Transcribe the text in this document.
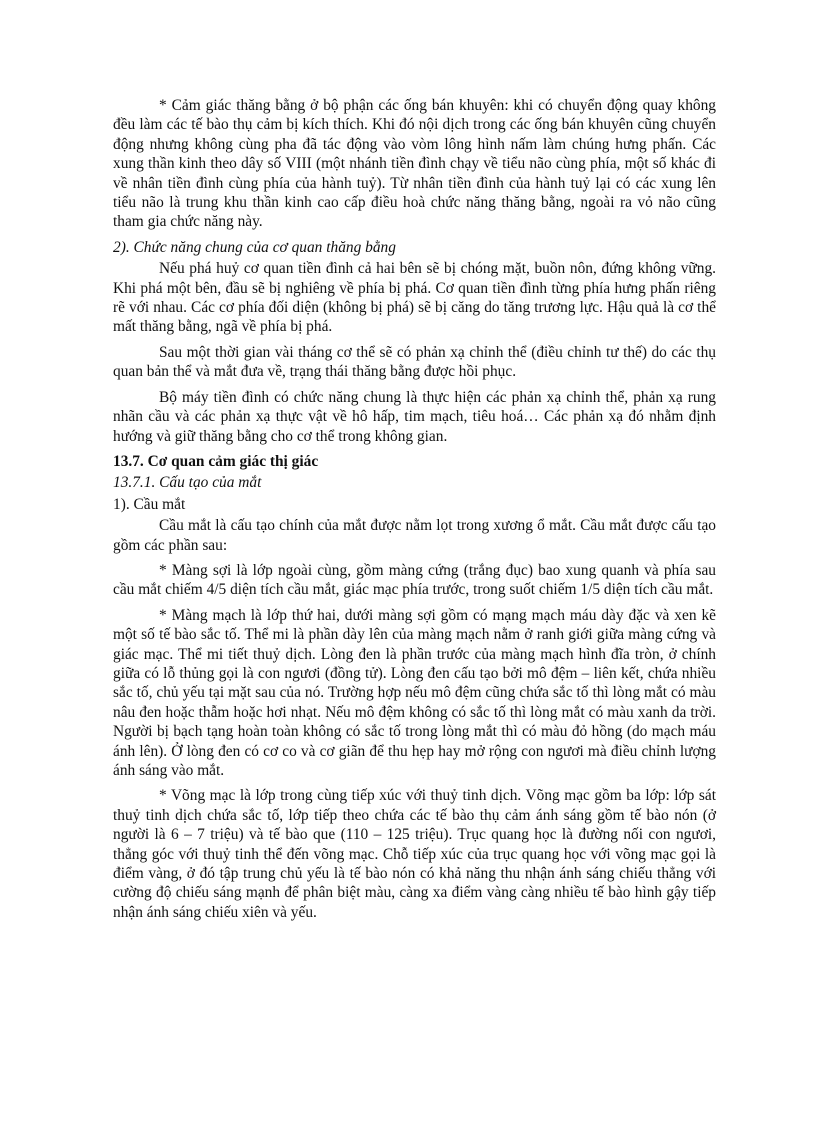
* Cảm giác thăng bằng ở bộ phận các ống bán khuyên: khi có chuyển động quay không đều làm các tế bào thụ cảm bị kích thích. Khi đó nội dịch trong các ống bán khuyên cũng chuyển động nhưng không cùng pha đã tác động vào vòm lông hình nấm làm chúng hưng phấn. Các xung thần kinh theo dây số VIII (một nhánh tiền đình chạy về tiểu não cùng phía, một số khác đi về nhân tiền đình cùng phía của hành tuỷ). Từ nhân tiền đình của hành tuỷ lại có các xung lên tiểu não là trung khu thần kinh cao cấp điều hoà chức năng thăng bằng, ngoài ra vỏ não cũng tham gia chức năng này.

2). Chức năng chung của cơ quan thăng bằng

Nếu phá huỷ cơ quan tiền đình cả hai bên sẽ bị chóng mặt, buồn nôn, đứng không vững. Khi phá một bên, đầu sẽ bị nghiêng về phía bị phá. Cơ quan tiền đình từng phía hưng phấn riêng rẽ với nhau. Các cơ phía đối diện (không bị phá) sẽ bị căng do tăng trương lực. Hậu quả là cơ thể mất thăng bằng, ngã về phía bị phá.

Sau một thời gian vài tháng cơ thể sẽ có phản xạ chỉnh thể (điều chỉnh tư thế) do các thụ quan bản thể và mắt đưa về, trạng thái thăng bằng được hồi phục.

Bộ máy tiền đình có chức năng chung là thực hiện các phản xạ chỉnh thể, phản xạ rung nhãn cầu và các phản xạ thực vật về hô hấp, tim mạch, tiêu hoá… Các phản xạ đó nhằm định hướng và giữ thăng bằng cho cơ thể trong không gian.

13.7. Cơ quan cảm giác thị giác

13.7.1. Cấu tạo của mắt

1). Cầu mắt

Cầu mắt là cấu tạo chính của mắt được nằm lọt trong xương ổ mắt. Cầu mắt được cấu tạo gồm các phần sau:

* Màng sợi là lớp ngoài cùng, gồm màng cứng (trắng đục) bao xung quanh và phía sau cầu mắt chiếm 4/5 diện tích cầu mắt, giác mạc phía trước, trong suốt chiếm 1/5 diện tích cầu mắt.

* Màng mạch là lớp thứ hai, dưới màng sợi gồm có mạng mạch máu dày đặc và xen kẽ một số tế bào sắc tố. Thể mi là phần dày lên của màng mạch nằm ở ranh giới giữa màng cứng và giác mạc. Thể mi tiết thuỷ dịch. Lòng đen là phần trước của màng mạch hình đĩa tròn, ở chính giữa có lỗ thủng gọi là con ngươi (đồng tử). Lòng đen cấu tạo bởi mô đệm – liên kết, chứa nhiều sắc tố, chủ yếu tại mặt sau của nó. Trường hợp nếu mô đệm cũng chứa sắc tố thì lòng mắt có màu nâu đen hoặc thẫm hoặc hơi nhạt. Nếu mô đệm không có sắc tố thì lòng mắt có màu xanh da trời. Người bị bạch tạng hoàn toàn không có sắc tố trong lòng mắt thì có màu đỏ hồng (do mạch máu ánh lên). Ở lòng đen có cơ co và cơ giãn để thu hẹp hay mở rộng con ngươi mà điều chỉnh lượng ánh sáng vào mắt.

* Võng mạc là lớp trong cùng tiếp xúc với thuỷ tinh dịch. Võng mạc gồm ba lớp: lớp sát thuỷ tinh dịch chứa sắc tố, lớp tiếp theo chứa các tế bào thụ cảm ánh sáng gồm tế bào nón (ở người là 6 – 7 triệu) và tế bào que (110 – 125 triệu). Trục quang học là đường nối con ngươi, thẳng góc với thuỷ tinh thể đến võng mạc. Chỗ tiếp xúc của trục quang học với võng mạc gọi là điểm vàng, ở đó tập trung chủ yếu là tế bào nón có khả năng thu nhận ánh sáng chiếu thẳng với cường độ chiếu sáng mạnh để phân biệt màu, càng xa điểm vàng càng nhiều tế bào hình gậy tiếp nhận ánh sáng chiếu xiên và yếu.
